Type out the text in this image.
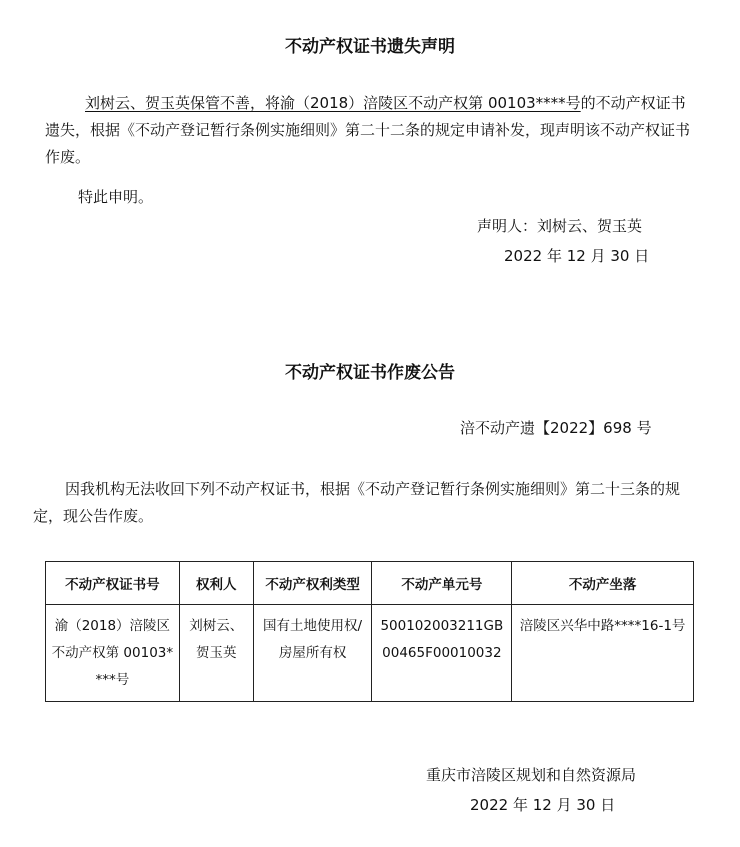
不动产权证书遗失声明
刘树云、贺玉英保管不善，将渝（2018）涪陵区不动产权第 00103****号的不动产权证书遗失，根据《不动产登记暂行条例实施细则》第二十二条的规定申请补发，现声明该不动产权证书作废。
特此申明。
声明人：刘树云、贺玉英
2022 年 12 月 30 日
不动产权证书作废公告
涪不动产遗【2022】698 号
因我机构无法收回下列不动产权证书，根据《不动产登记暂行条例实施细则》第二十三条的规定，现公告作废。
不动产权证书号	权利人	不动产权利类型	不动产单元号	不动产坐落
渝（2018）涪陵区不动产权第 00103****号	刘树云、贺玉英	国有土地使用权/房屋所有权	500102003211GB00465F00010032	涪陵区兴华中路****16-1号
重庆市涪陵区规划和自然资源局
2022 年 12 月 30 日
